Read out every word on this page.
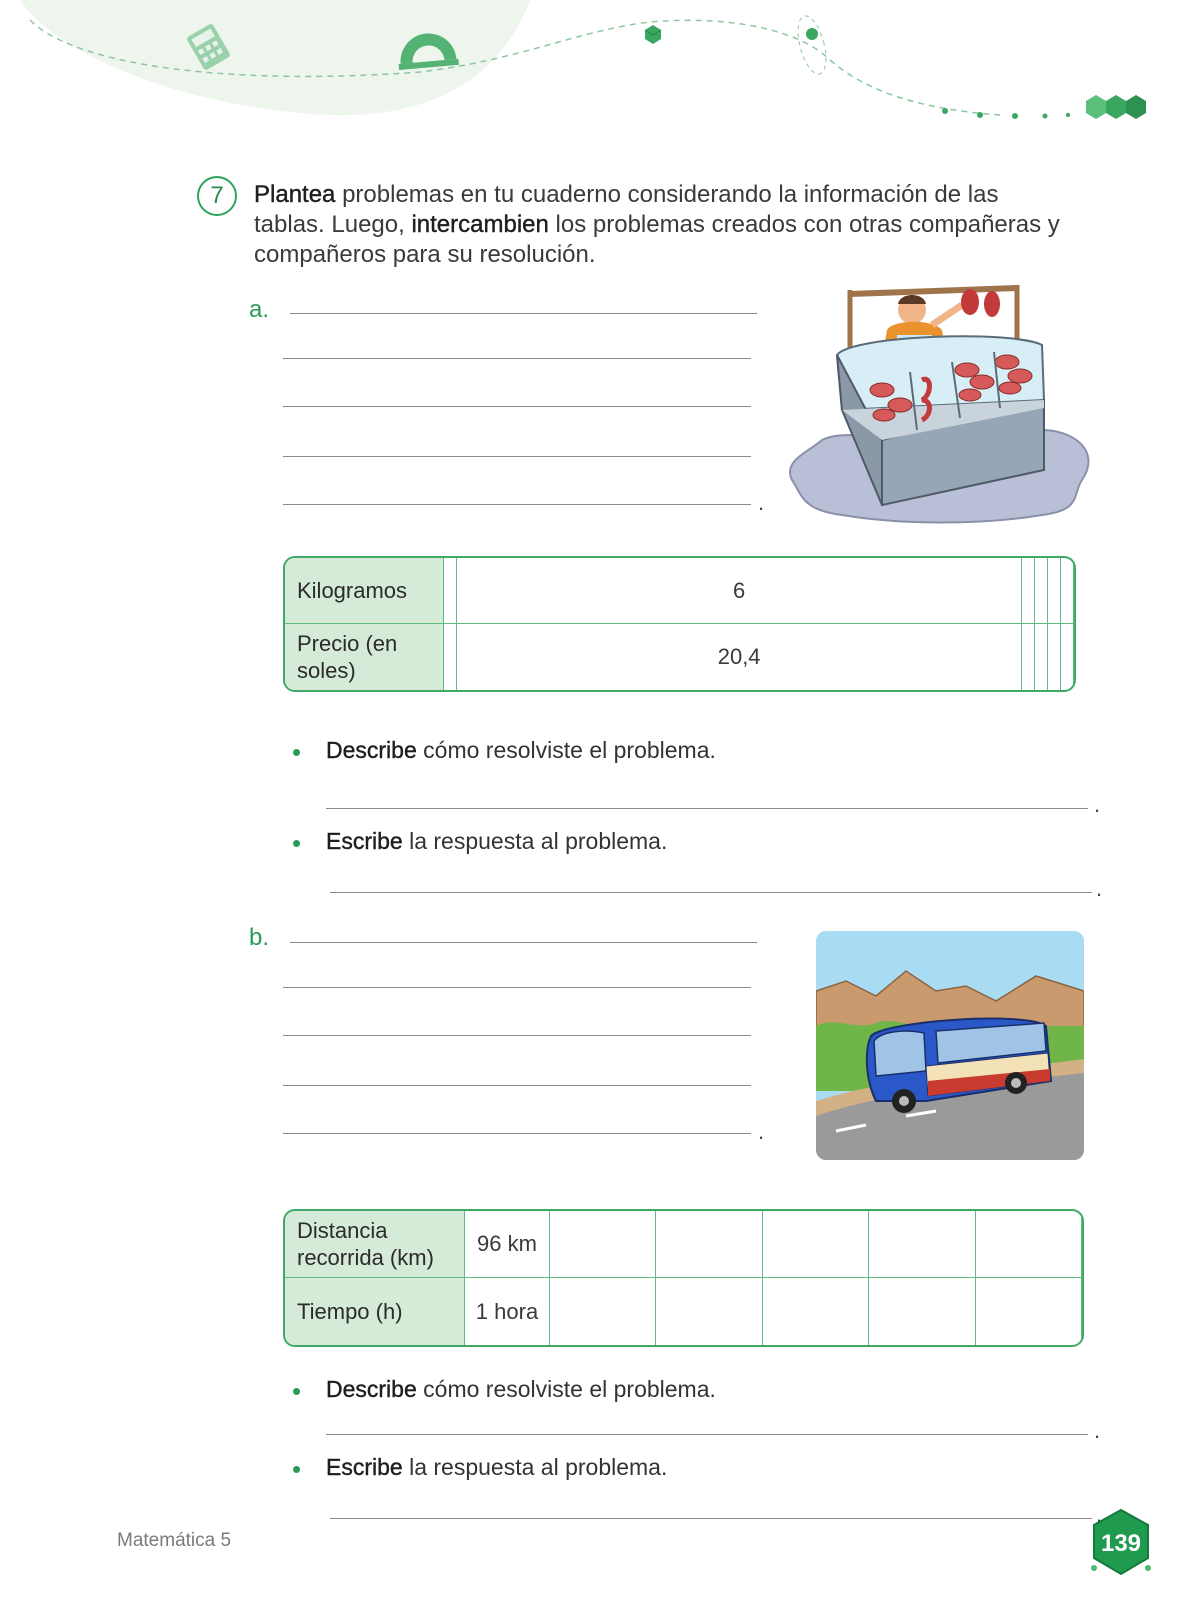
7	Plantea problemas en tu cuaderno considerando la información de las tablas. Luego, intercambien los problemas creados con otras compañeras y compañeros para su resolución.
a.
.
Kilogramos		6					
Precio (en soles)		20,4					
• Describe cómo resolviste el problema.
.
• Escribe la respuesta al problema.
.
b.
.
Distancia recorrida (km)	96 km						
Tiempo (h)	1 hora						
• Describe cómo resolviste el problema.
.
• Escribe la respuesta al problema.
.
Matemática 5	139
